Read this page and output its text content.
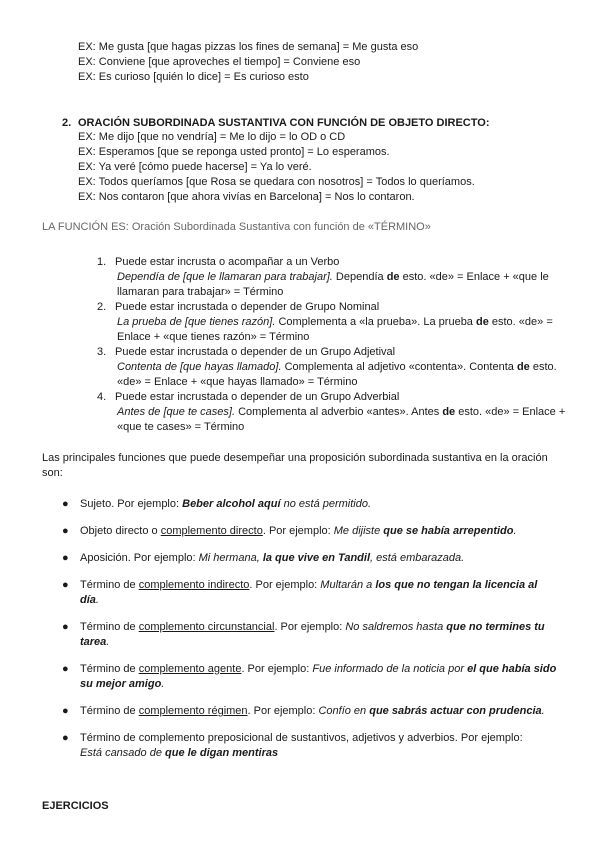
EX: Me gusta [que hagas pizzas los fines de semana] = Me gusta eso
EX: Conviene [que aproveches el tiempo] = Conviene eso
EX: Es curioso [quién lo dice] = Es curioso esto
2. ORACIÓN SUBORDINADA SUSTANTIVA CON FUNCIÓN DE OBJETO DIRECTO:
EX: Me dijo [que no vendría] = Me lo dijo = lo OD o CD
EX: Esperamos [que se reponga usted pronto] = Lo esperamos.
EX: Ya veré [cómo puede hacerse] = Ya lo veré.
EX: Todos queríamos [que Rosa se quedara con nosotros] = Todos lo queríamos.
EX: Nos contaron [que ahora vivías en Barcelona] = Nos lo contaron.
LA FUNCIÓN ES: Oración Subordinada Sustantiva con función de «TÉRMINO»
1. Puede estar incrusta o acompañar a un Verbo
Dependía de [que le llamaran para trabajar]. Dependía de esto. «de» = Enlace + «que le llamaran para trabajar» = Término
2. Puede estar incrustada o depender de Grupo Nominal
La prueba de [que tienes razón]. Complementa a «la prueba». La prueba de esto. «de» = Enlace + «que tienes razón» = Término
3. Puede estar incrustada o depender de un Grupo Adjetival
Contenta de [que hayas llamado]. Complementa al adjetivo «contenta». Contenta de esto. «de» = Enlace + «que hayas llamado» = Término
4. Puede estar incrustada o depender de un Grupo Adverbial
Antes de [que te cases]. Complementa al adverbio «antes». Antes de esto. «de» = Enlace + «que te cases» = Término
Las principales funciones que puede desempeñar una proposición subordinada sustantiva en la oración son:
● Sujeto. Por ejemplo: Beber alcohol aquí no está permitido.
● Objeto directo o complemento directo. Por ejemplo: Me dijiste que se había arrepentido.
● Aposición. Por ejemplo: Mi hermana, la que vive en Tandil, está embarazada.
● Término de complemento indirecto. Por ejemplo: Multarán a los que no tengan la licencia al día.
● Término de complemento circunstancial. Por ejemplo: No saldremos hasta que no termines tu tarea.
● Término de complemento agente. Por ejemplo: Fue informado de la noticia por el que había sido su mejor amigo.
● Término de complemento régimen. Por ejemplo: Confío en que sabrás actuar con prudencia.
● Término de complemento preposicional de sustantivos, adjetivos y adverbios. Por ejemplo:
Está cansado de que le digan mentiras
EJERCICIOS
